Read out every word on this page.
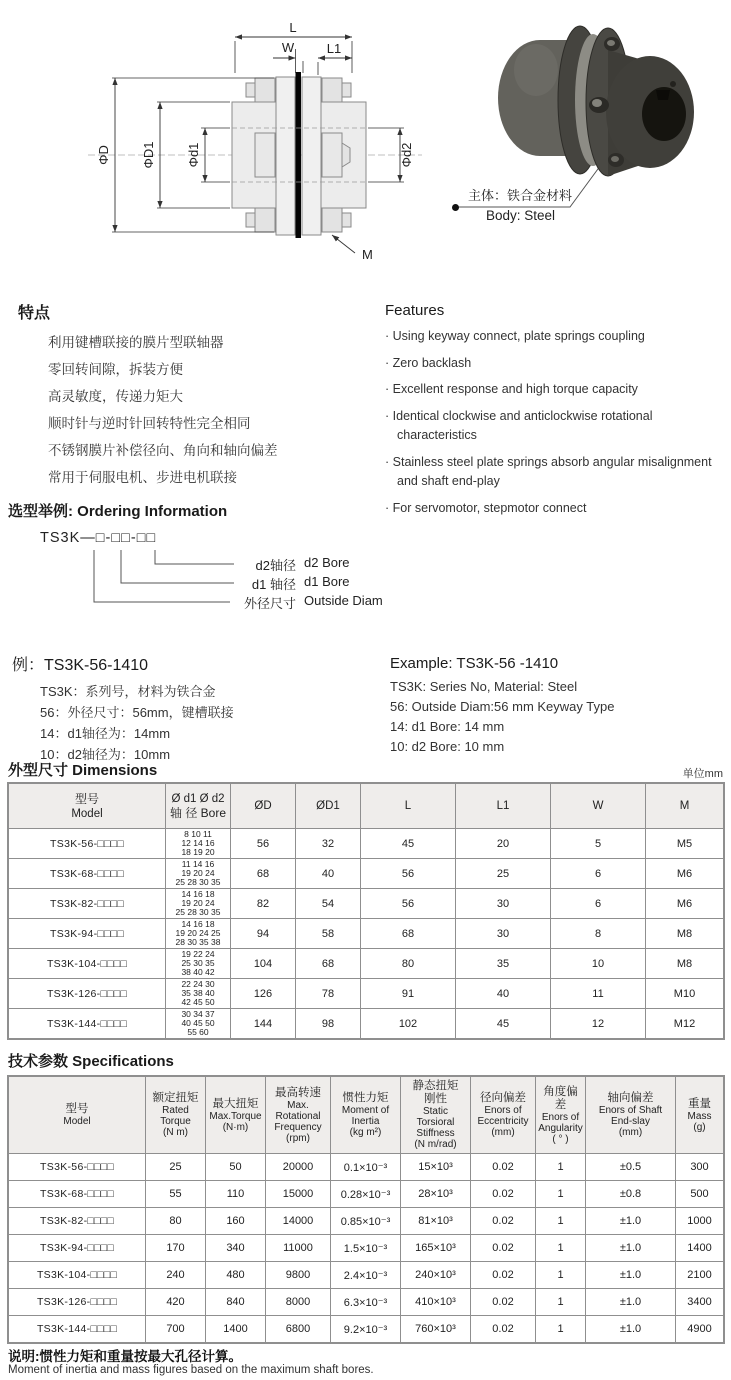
L
W	L1
ΦD ΦD1 Φd1	Φd2
M
主体：铁合金材料
Body: Steel
特点
利用键槽联接的膜片型联轴器
零回转间隙，拆装方便
高灵敏度，传递力矩大
顺时针与逆时针回转特性完全相同
不锈钢膜片补偿径向、角向和轴向偏差
常用于伺服电机、步进电机联接
Features
· Using keyway connect, plate springs coupling
· Zero backlash
· Excellent response and high torque capacity
· Identical clockwise and anticlockwise rotational characteristics
· Stainless steel plate springs absorb angular misalignment and shaft end-play
· For servomotor, stepmotor connect
选型举例: Ordering Information
TS3K—□-□□-□□
d2轴径 d2 Bore
d1 轴径 d1 Bore
外径尺寸 Outside Diam
例：TS3K-56-1410
TS3K：系列号，材料为铁合金
56：外径尺寸：56mm，键槽联接
14：d1轴径为：14mm
10：d2轴径为：10mm
Example: TS3K-56 -1410
TS3K: Series No, Material: Steel
56: Outside Diam:56 mm Keyway Type
14: d1 Bore: 14 mm
10: d2 Bore: 10 mm
外型尺寸 Dimensions	单位mm
型号
Model

Ø d1 Ø d2
轴 径 Bore	ØD	ØD1	L	L1	W	M

TS3K-56-□□□□	8 10 11
12 14 16
18 19 20	56	32	45	20	5	M5
TS3K-68-□□□□	11 14 16
19 20 24
25 28 30 35	68	40	56	25	6	M6
TS3K-82-□□□□	14 16 18
19 20 24
25 28 30 35	82	54	56	30	6	M6
TS3K-94-□□□□	14 16 18
19 20 24 25
28 30 35 38	94	58	68	30	8	M8
TS3K-104-□□□□	19 22 24
25 30 35
38 40 42	104	68	80	35	10	M8
TS3K-126-□□□□	22 24 30
35 38 40
42 45 50	126	78	91	40	11	M10
TS3K-144-□□□□	30 34 37
40 45 50
55 60	144	98	102	45	12	M12
技术参数 Specifications
型号
Model

额定扭矩
Rated
Torque
(N m)

最大扭矩
Max.Torque
(N·m)

最高转速
Max.
Rotational
Frequency
(rpm)

惯性力矩
Moment of
Inertia
(kg m²)

静态扭矩
刚性
Static
Torsioral
Stiffness
(N m/rad)

径向偏差
Enors of
Eccentricity
(mm)

角度偏差
Enors of
Angularity
( ° )

轴向偏差
Enors of Shaft
End-slay
(mm)

重量
Mass
(g)

TS3K-56-□□□□	25	50	20000	0.1×10⁻³	15×10³	0.02	1	±0.5	300
TS3K-68-□□□□	55	110	15000	0.28×10⁻³	28×10³	0.02	1	±0.8	500
TS3K-82-□□□□	80	160	14000	0.85×10⁻³	81×10³	0.02	1	±1.0	1000
TS3K-94-□□□□	170	340	11000	1.5×10⁻³	165×10³	0.02	1	±1.0	1400
TS3K-104-□□□□	240	480	9800	2.4×10⁻³	240×10³	0.02	1	±1.0	2100
TS3K-126-□□□□	420	840	8000	6.3×10⁻³	410×10³	0.02	1	±1.0	3400
TS3K-144-□□□□	700	1400	6800	9.2×10⁻³	760×10³	0.02	1	±1.0	4900
说明:惯性力矩和重量按最大孔径计算。
Moment of inertia and mass figures based on the maximum shaft bores.
